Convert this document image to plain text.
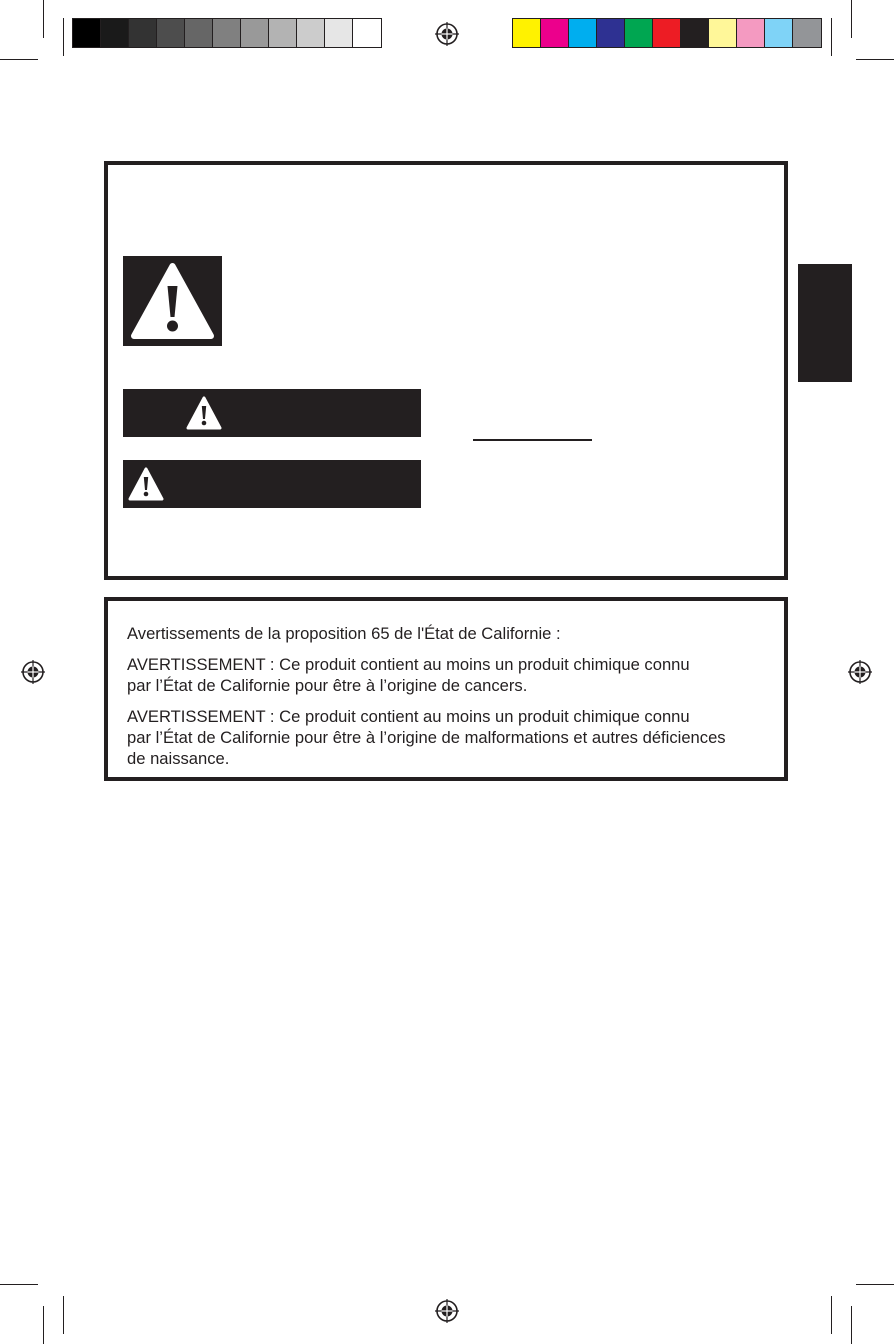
Avertissements de la proposition 65 de l'État de Californie :
AVERTISSEMENT : Ce produit contient au moins un produit chimique connu
par l’État de Californie pour être à l’origine de cancers.
AVERTISSEMENT : Ce produit contient au moins un produit chimique connu
par l’État de Californie pour être à l’origine de malformations et autres déficiences
de naissance.
